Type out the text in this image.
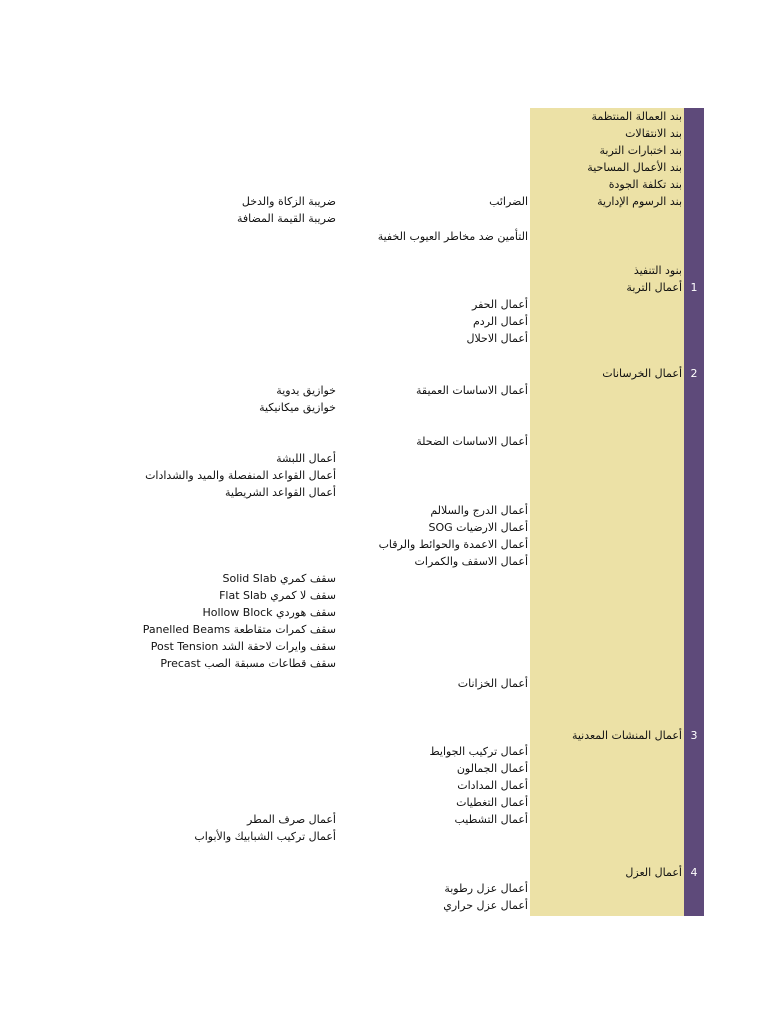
بند العمالة المنتظمة
بند الانتقالات
بند اختبارات التربة
بند الأعمال المساحية
بند تكلفة الجودة
بند الرسوم الإدارية
بنود التنفيذ
1
أعمال التربة
2
أعمال الخرسانات
3
أعمال المنشات المعدنية
4
أعمال العزل
الضرائب
التأمين ضد مخاطر العيوب الخفية
أعمال الحفر
أعمال الردم
أعمال الاحلال
أعمال الاساسات العميقة
أعمال الاساسات الضحلة
أعمال الدرج والسلالم
أعمال الارضيات SOG
أعمال الاعمدة والحوائط والرقاب
أعمال الاسقف والكمرات
أعمال الخزانات
أعمال تركيب الجوايط
أعمال الجمالون
أعمال المدادات
أعمال التغطيات
أعمال التشطيب
أعمال عزل رطوبة
أعمال عزل حراري
ضريبة الزكاة والدخل
ضريبة القيمة المضافة
خوازيق يدوية
خوازيق ميكانيكية
أعمال اللبشة
أعمال القواعد المنفصلة والميد والشدادات
أعمال القواعد الشريطية
سقف كمري Solid Slab
سقف لا كمري Flat Slab
سقف هوردي Hollow Block
سقف كمرات متقاطعة Panelled Beams
سقف وايرات لاحقة الشد Post Tension
سقف قطاعات مسبقة الصب Precast
أعمال صرف المطر
أعمال تركيب الشبابيك والأبواب
